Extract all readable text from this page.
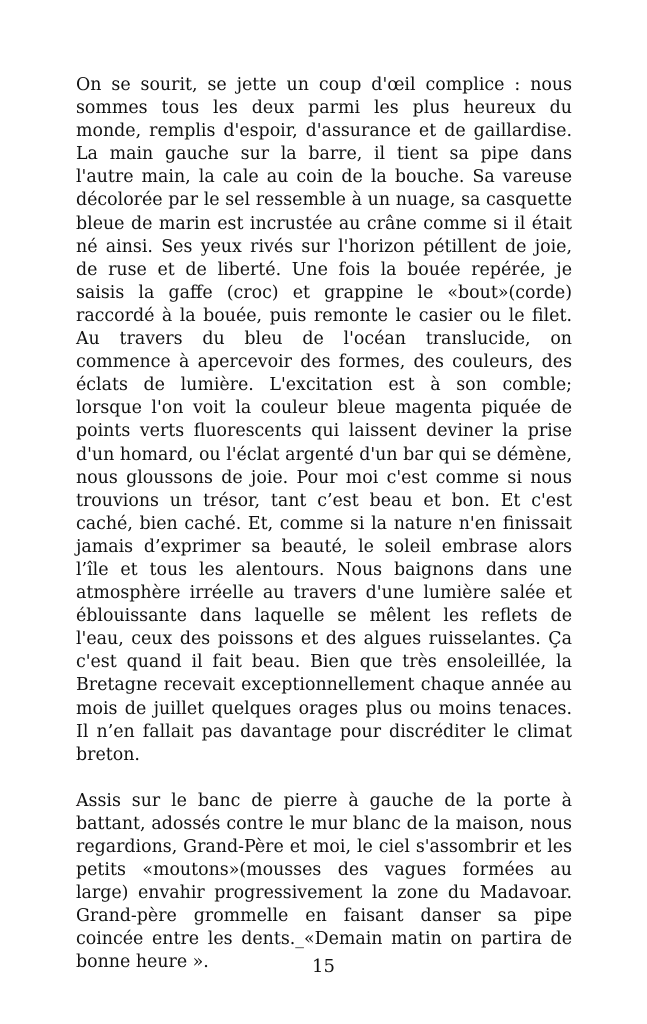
On se sourit, se jette un coup d'œil complice : nous sommes tous les deux parmi les plus heureux du monde, remplis d'espoir, d'assurance et de gaillardise. La main gauche sur la barre, il tient sa pipe dans l'autre main, la cale au coin de la bouche. Sa vareuse décolorée par le sel ressemble à un nuage, sa casquette bleue de marin est incrustée au crâne comme si il était né ainsi. Ses yeux rivés sur l'horizon pétillent de joie, de ruse et de liberté. Une fois la bouée repérée, je saisis la gaffe (croc) et grappine le «bout»(corde) raccordé à la bouée, puis remonte le casier ou le filet. Au travers du bleu de l'océan translucide, on commence à apercevoir des formes, des couleurs, des éclats de lumière. L'excitation est à son comble; lorsque l'on voit la couleur bleue magenta piquée de points verts fluorescents qui laissent deviner la prise d'un homard, ou l'éclat argenté d'un bar qui se démène, nous gloussons de joie. Pour moi c'est comme si nous trouvions un trésor, tant c’est beau et bon. Et c'est caché, bien caché. Et, comme si la nature n'en finissait jamais d’exprimer sa beauté, le soleil embrase alors l’île et tous les alentours. Nous baignons dans une atmosphère irréelle au travers d'une lumière salée et éblouissante dans laquelle se mêlent les reflets de l'eau, ceux des poissons et des algues ruisselantes. Ça c'est quand il fait beau. Bien que très ensoleillée, la Bretagne recevait exceptionnellement chaque année au mois de juillet quelques orages plus ou moins tenaces. Il n’en fallait pas davantage pour discréditer le climat breton.

Assis sur le banc de pierre à gauche de la porte à battant, adossés contre le mur blanc de la maison, nous regardions, Grand-Père et moi, le ciel s'assombrir et les petits «moutons»(mousses des vagues formées au large) envahir progressivement la zone du Madavoar. Grand-père grommelle en faisant danser sa pipe coincée entre les dents._«Demain matin on partira de bonne heure ».	15
